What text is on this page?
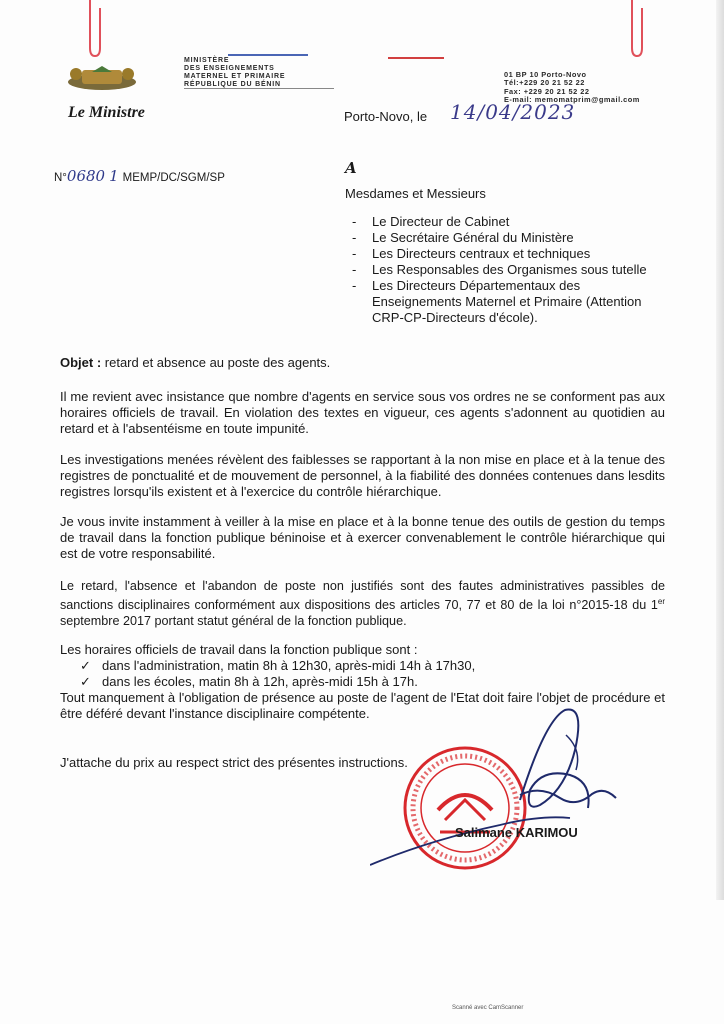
Le Ministre
MINISTÈRE
DES ENSEIGNEMENTS
MATERNEL ET PRIMAIRE
RÉPUBLIQUE DU BÉNIN
01 BP 10 Porto-Novo
Tél:+229 20 21 52 22
Fax: +229 20 21 52 22
E-mail: memomatprim@gmail.com
Porto-Novo, le 14/04/2023
N°0680 1 MEMP/DC/SGM/SP
A
Mesdames et Messieurs
- Le Directeur de Cabinet
- Le Secrétaire Général du Ministère
- Les Directeurs centraux et techniques
- Les Responsables des Organismes sous tutelle
- Les Directeurs Départementaux des Enseignements Maternel et Primaire (Attention CRP-CP-Directeurs d'école).
Objet : retard et absence au poste des agents.
Il me revient avec insistance que nombre d'agents en service sous vos ordres ne se conforment pas aux horaires officiels de travail. En violation des textes en vigueur, ces agents s'adonnent au quotidien au retard et à l'absentéisme en toute impunité.
Les investigations menées révèlent des faiblesses se rapportant à la non mise en place et à la tenue des registres de ponctualité et de mouvement de personnel, à la fiabilité des données contenues dans lesdits registres lorsqu'ils existent et à l'exercice du contrôle hiérarchique.
Je vous invite instamment à veiller à la mise en place et à la bonne tenue des outils de gestion du temps de travail dans la fonction publique béninoise et à exercer convenablement le contrôle hiérarchique qui est de votre responsabilité.
Le retard, l'absence et l'abandon de poste non justifiés sont des fautes administratives passibles de sanctions disciplinaires conformément aux dispositions des articles 70, 77 et 80 de la loi n°2015-18 du 1er septembre 2017 portant statut général de la fonction publique.
Les horaires officiels de travail dans la fonction publique sont :
✓ dans l'administration, matin 8h à 12h30, après-midi 14h à 17h30,
✓ dans les écoles, matin 8h à 12h, après-midi 15h à 17h.
Tout manquement à l'obligation de présence au poste de l'agent de l'Etat doit faire l'objet de procédure et être déféré devant l'instance disciplinaire compétente.
J'attache du prix au respect strict des présentes instructions.
Salimane KARIMOU
Scanné avec CamScanner
